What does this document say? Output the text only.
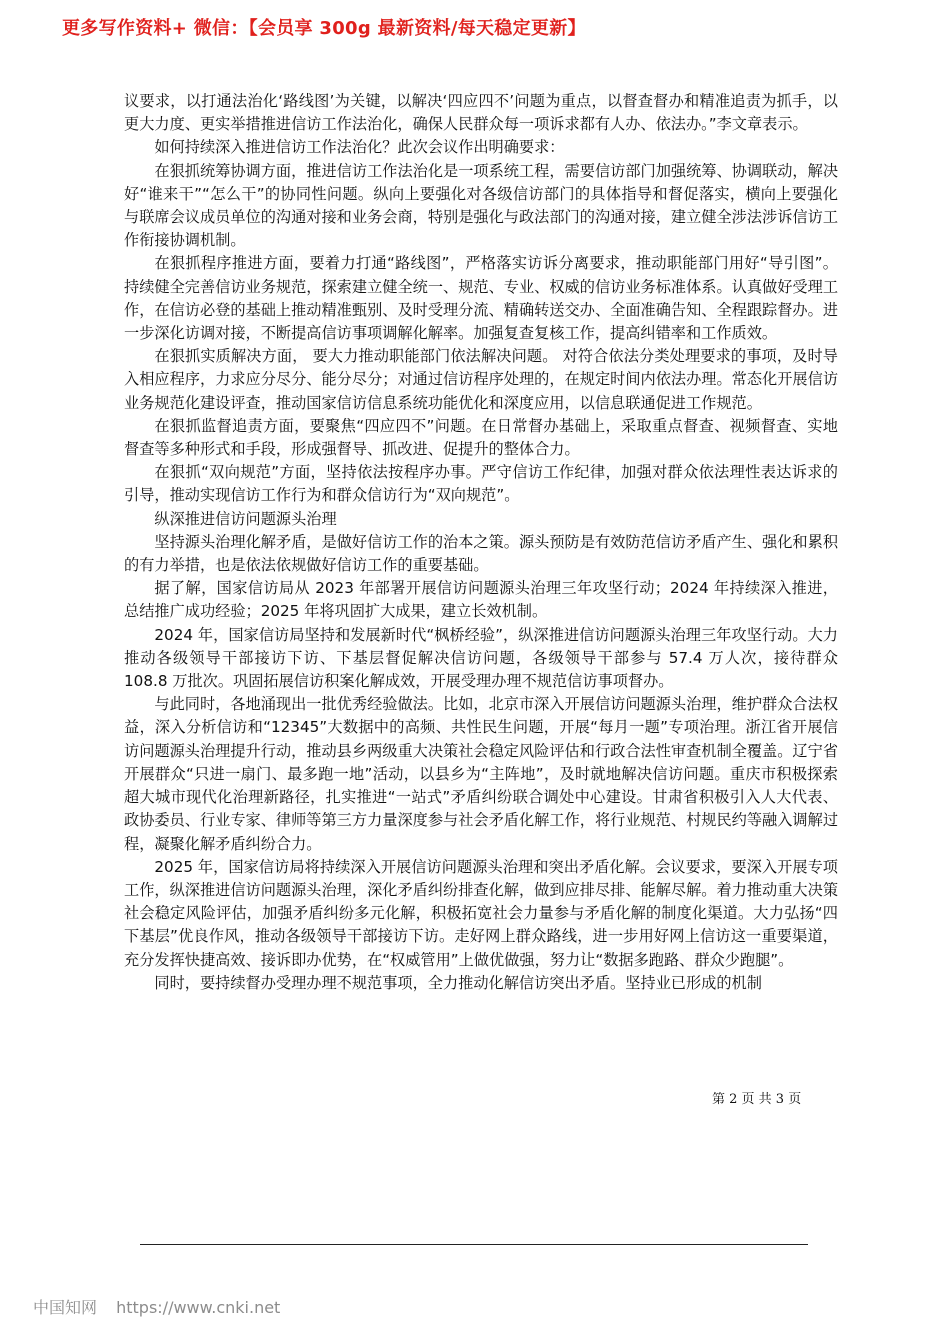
更多写作资料+ 微信：【会员享 300g 最新资料/每天稳定更新】

议要求，以打通法治化‘路线图’为关键，以解决‘四应四不’问题为重点，以督查督办和精准追责为抓手，以更大力度、更实举措推进信访工作法治化，确保人民群众每一项诉求都有人办、依法办。”李文章表示。

如何持续深入推进信访工作法治化？此次会议作出明确要求：

在狠抓统筹协调方面，推进信访工作法治化是一项系统工程，需要信访部门加强统筹、协调联动，解决好“谁来干”“怎么干”的协同性问题。纵向上要强化对各级信访部门的具体指导和督促落实，横向上要强化与联席会议成员单位的沟通对接和业务会商，特别是强化与政法部门的沟通对接，建立健全涉法涉诉信访工作衔接协调机制。

在狠抓程序推进方面，要着力打通“路线图”，严格落实访诉分离要求，推动职能部门用好“导引图”。持续健全完善信访业务规范，探索建立健全统一、规范、专业、权威的信访业务标准体系。认真做好受理工作，在信访必登的基础上推动精准甄别、及时受理分流、精确转送交办、全面准确告知、全程跟踪督办。进一步深化访调对接，不断提高信访事项调解化解率。加强复查复核工作，提高纠错率和工作质效。

在狠抓实质解决方面， 要大力推动职能部门依法解决问题。 对符合依法分类处理要求的事项，及时导入相应程序，力求应分尽分、能分尽分；对通过信访程序处理的，在规定时间内依法办理。常态化开展信访业务规范化建设评查，推动国家信访信息系统功能优化和深度应用，以信息联通促进工作规范。

在狠抓监督追责方面，要聚焦“四应四不”问题。在日常督办基础上，采取重点督查、视频督查、实地督查等多种形式和手段，形成强督导、抓改进、促提升的整体合力。

在狠抓“双向规范”方面，坚持依法按程序办事。严守信访工作纪律，加强对群众依法理性表达诉求的引导，推动实现信访工作行为和群众信访行为“双向规范”。

纵深推进信访问题源头治理

坚持源头治理化解矛盾，是做好信访工作的治本之策。源头预防是有效防范信访矛盾产生、强化和累积的有力举措，也是依法依规做好信访工作的重要基础。

据了解，国家信访局从 2023 年部署开展信访问题源头治理三年攻坚行动；2024 年持续深入推进，总结推广成功经验；2025 年将巩固扩大成果，建立长效机制。

2024 年，国家信访局坚持和发展新时代“枫桥经验”，纵深推进信访问题源头治理三年攻坚行动。大力推动各级领导干部接访下访、下基层督促解决信访问题，各级领导干部参与 57.4 万人次，接待群众 108.8 万批次。巩固拓展信访积案化解成效，开展受理办理不规范信访事项督办。

与此同时，各地涌现出一批优秀经验做法。比如，北京市深入开展信访问题源头治理，维护群众合法权益，深入分析信访和“12345”大数据中的高频、共性民生问题，开展“每月一题”专项治理。浙江省开展信访问题源头治理提升行动，推动县乡两级重大决策社会稳定风险评估和行政合法性审查机制全覆盖。辽宁省开展群众“只进一扇门、最多跑一地”活动，以县乡为“主阵地”，及时就地解决信访问题。重庆市积极探索超大城市现代化治理新路径，扎实推进“一站式”矛盾纠纷联合调处中心建设。甘肃省积极引入人大代表、政协委员、行业专家、律师等第三方力量深度参与社会矛盾化解工作，将行业规范、村规民约等融入调解过程，凝聚化解矛盾纠纷合力。

2025 年，国家信访局将持续深入开展信访问题源头治理和突出矛盾化解。会议要求，要深入开展专项工作，纵深推进信访问题源头治理，深化矛盾纠纷排查化解，做到应排尽排、能解尽解。着力推动重大决策社会稳定风险评估，加强矛盾纠纷多元化解，积极拓宽社会力量参与矛盾化解的制度化渠道。大力弘扬“四下基层”优良作风，推动各级领导干部接访下访。走好网上群众路线，进一步用好网上信访这一重要渠道，充分发挥快捷高效、接诉即办优势，在“权威管用”上做优做强，努力让“数据多跑路、群众少跑腿”。

同时，要持续督办受理办理不规范事项，全力推动化解信访突出矛盾。坚持业已形成的机制

第 2 页 共 3 页
中国知网 https://www.cnki.net
